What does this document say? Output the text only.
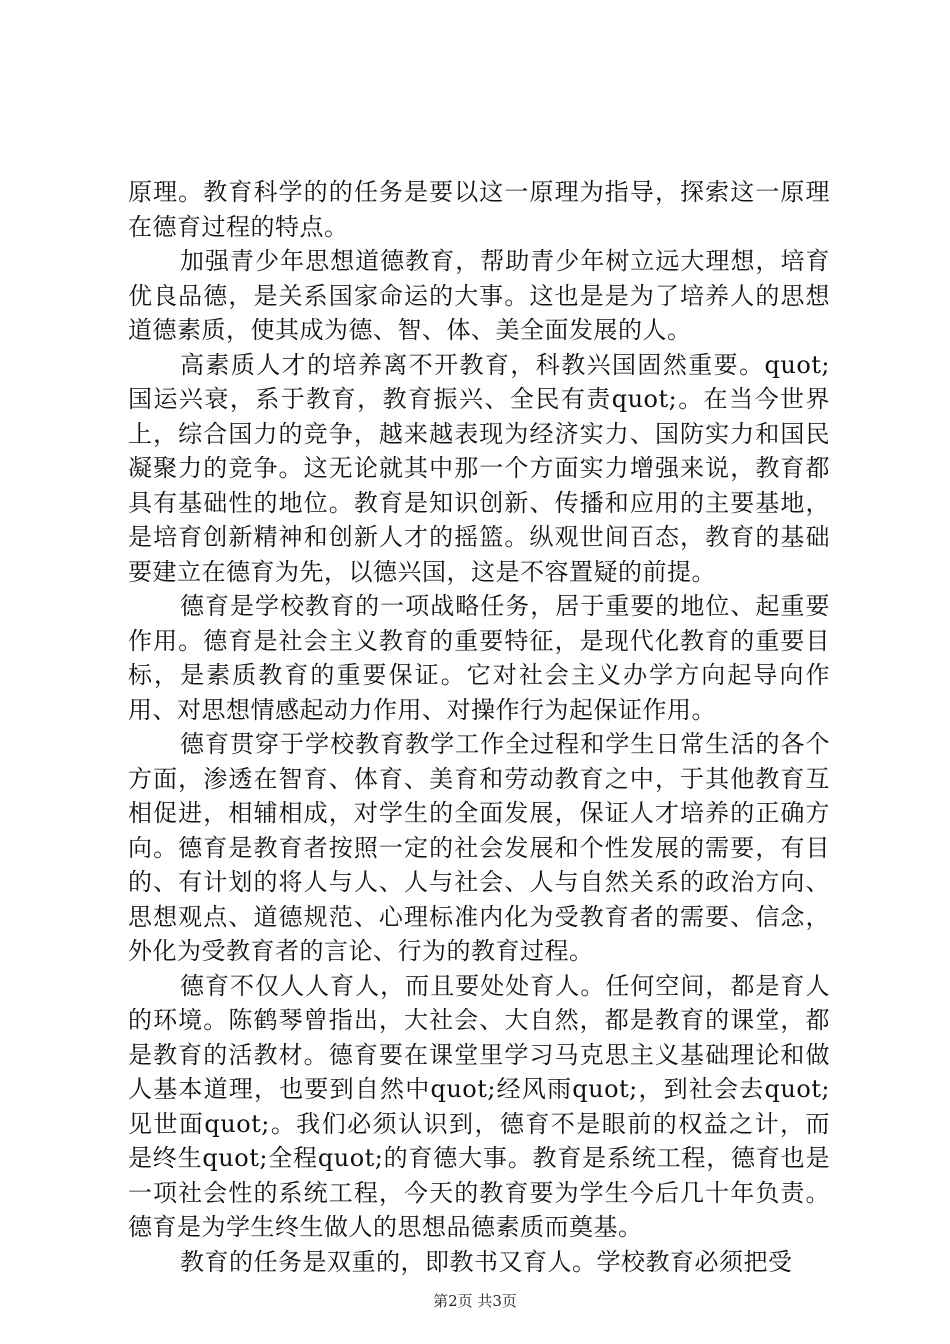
原理。教育科学的的任务是要以这一原理为指导，探索这一原理在德育过程的特点。

加强青少年思想道德教育，帮助青少年树立远大理想，培育优良品德，是关系国家命运的大事。这也是是为了培养人的思想道德素质，使其成为德、智、体、美全面发展的人。

高素质人才的培养离不开教育，科教兴国固然重要。quot;国运兴衰，系于教育，教育振兴、全民有责quot;。在当今世界上，综合国力的竞争，越来越表现为经济实力、国防实力和国民凝聚力的竞争。这无论就其中那一个方面实力增强来说，教育都具有基础性的地位。教育是知识创新、传播和应用的主要基地，是培育创新精神和创新人才的摇篮。纵观世间百态，教育的基础要建立在德育为先，以德兴国，这是不容置疑的前提。

德育是学校教育的一项战略任务，居于重要的地位、起重要作用。德育是社会主义教育的重要特征，是现代化教育的重要目标，是素质教育的重要保证。它对社会主义办学方向起导向作用、对思想情感起动力作用、对操作行为起保证作用。

德育贯穿于学校教育教学工作全过程和学生日常生活的各个方面，渗透在智育、体育、美育和劳动教育之中，于其他教育互相促进，相辅相成，对学生的全面发展，保证人才培养的正确方向。德育是教育者按照一定的社会发展和个性发展的需要，有目的、有计划的将人与人、人与社会、人与自然关系的政治方向、思想观点、道德规范、心理标准内化为受教育者的需要、信念，外化为受教育者的言论、行为的教育过程。

德育不仅人人育人，而且要处处育人。任何空间，都是育人的环境。陈鹤琴曾指出，大社会、大自然，都是教育的课堂，都是教育的活教材。德育要在课堂里学习马克思主义基础理论和做人基本道理，也要到自然中quot;经风雨quot;，到社会去quot;见世面quot;。我们必须认识到，德育不是眼前的权益之计，而是终生quot;全程quot;的育德大事。教育是系统工程，德育也是一项社会性的系统工程，今天的教育要为学生今后几十年负责。德育是为学生终生做人的思想品德素质而奠基。

教育的任务是双重的，即教书又育人。学校教育必须把受

第2页 共3页
